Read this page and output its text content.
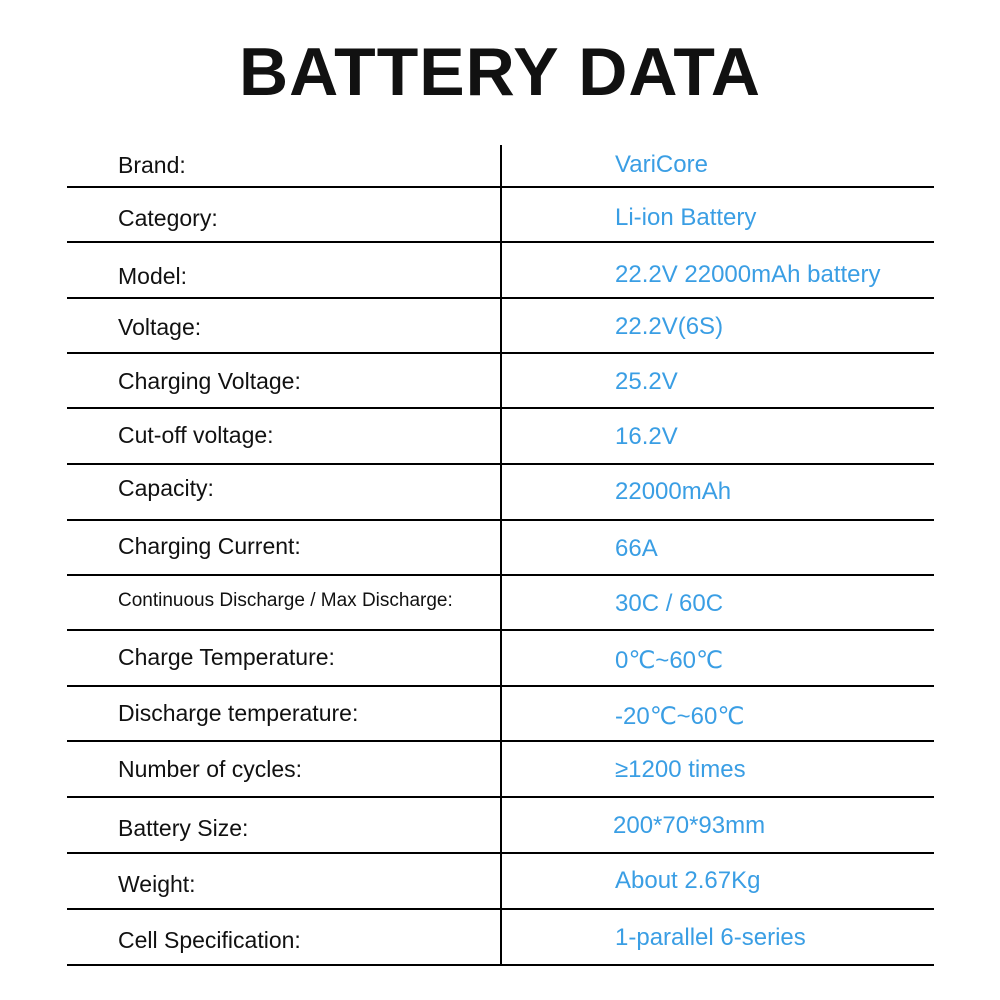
BATTERY DATA
Brand:	VariCore
Category:	Li-ion Battery
Model:	22.2V 22000mAh battery
Voltage:	22.2V(6S)
Charging Voltage:	25.2V
Cut-off voltage:	16.2V
Capacity:	22000mAh
Charging Current:	66A
Continuous Discharge / Max Discharge:	30C / 60C
Charge Temperature:	0℃~60℃
Discharge temperature:	-20℃~60℃
Number of cycles:	≥1200 times
Battery Size:	200*70*93mm
Weight:	About 2.67Kg
Cell Specification:	1-parallel 6-series
